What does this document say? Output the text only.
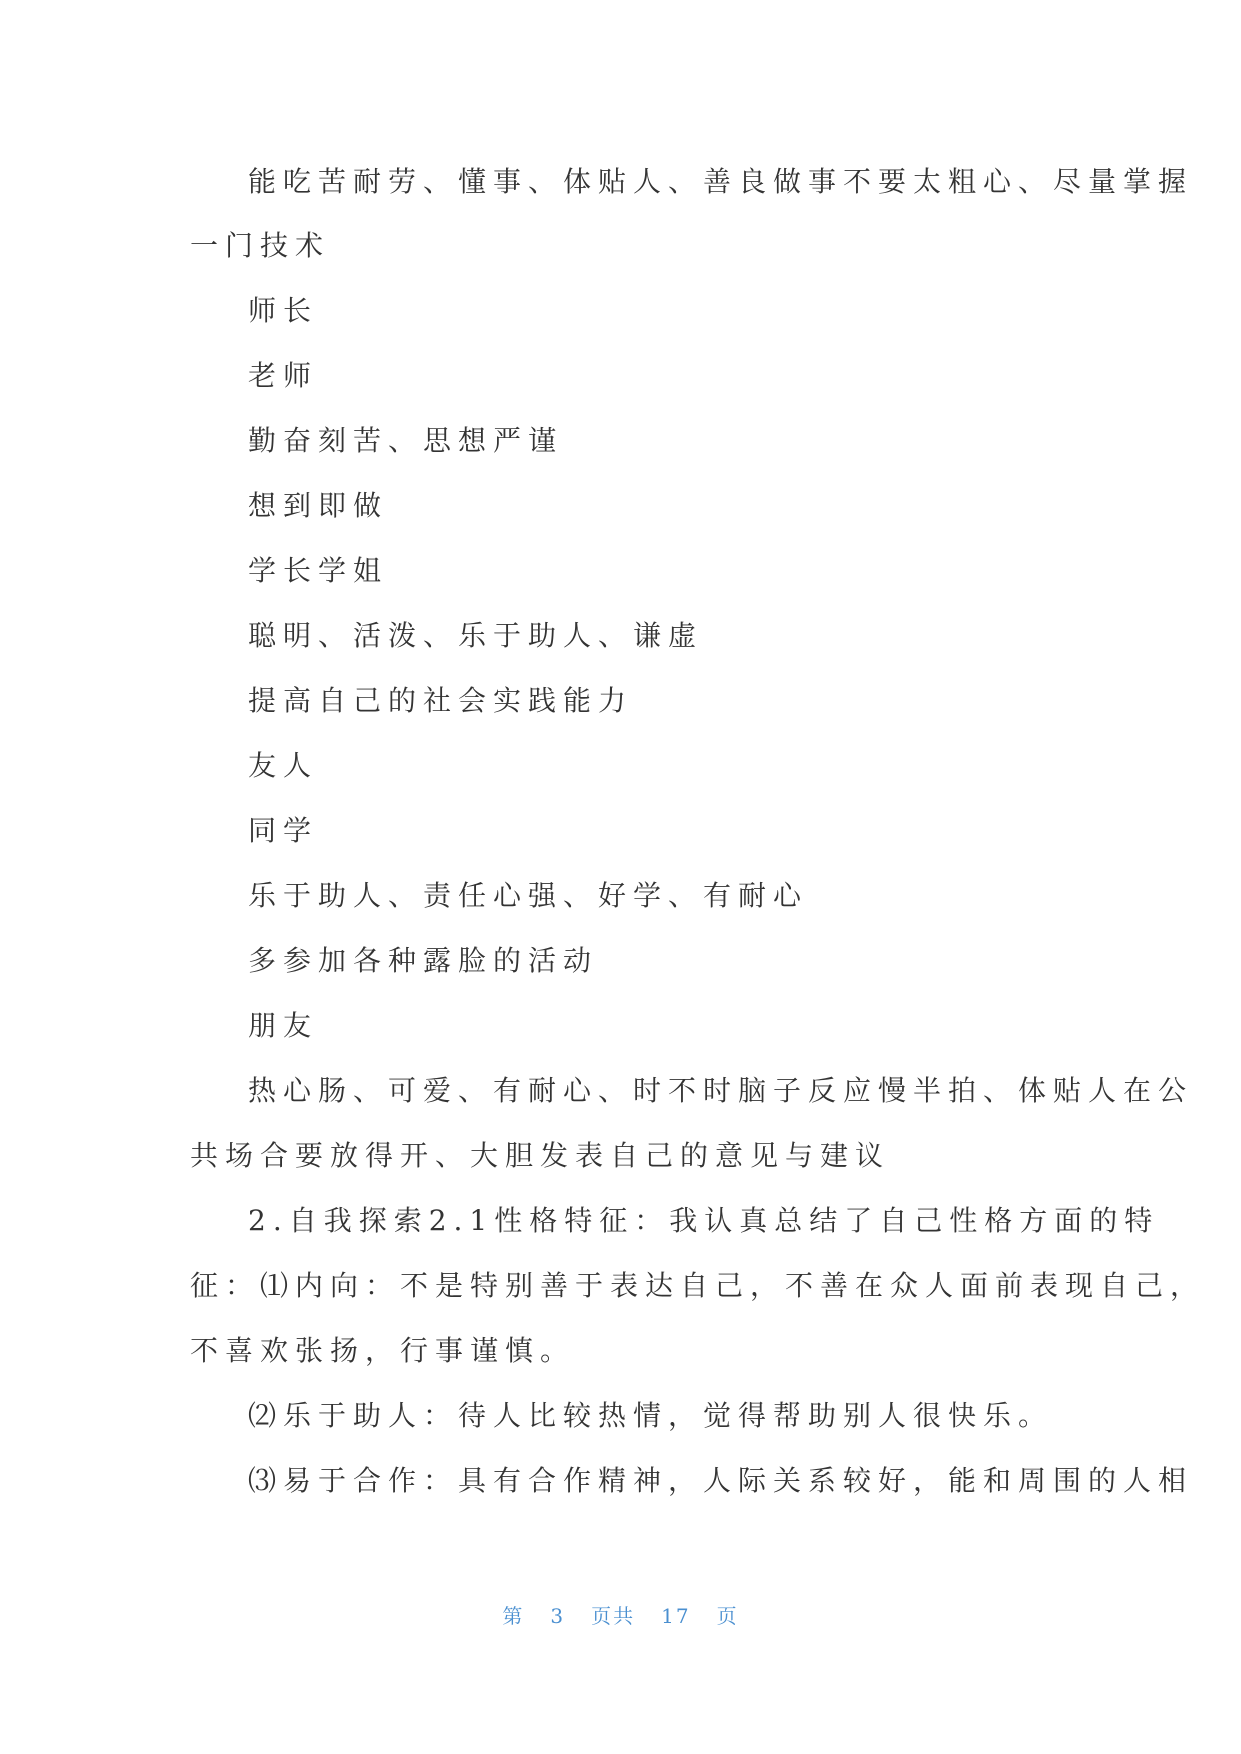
能吃苦耐劳、懂事、体贴人、善良做事不要太粗心、尽量掌握
一门技术
师长
老师
勤奋刻苦、思想严谨
想到即做
学长学姐
聪明、活泼、乐于助人、谦虚
提高自己的社会实践能力
友人
同学
乐于助人、责任心强、好学、有耐心
多参加各种露脸的活动
朋友
热心肠、可爱、有耐心、时不时脑子反应慢半拍、体贴人在公
共场合要放得开、大胆发表自己的意见与建议
2.自我探索2.1性格特征：我认真总结了自己性格方面的特
征：⑴内向：不是特别善于表达自己，不善在众人面前表现自己，
不喜欢张扬，行事谨慎。
⑵乐于助人：待人比较热情，觉得帮助别人很快乐。
⑶易于合作：具有合作精神，人际关系较好，能和周围的人相
第 3 页共 17 页
